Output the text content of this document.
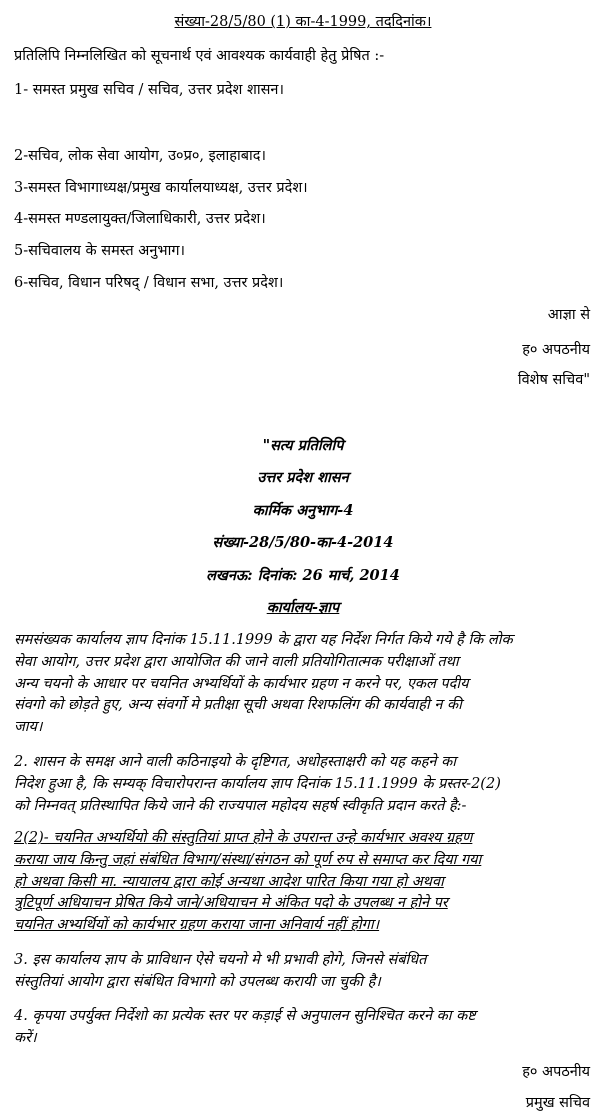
संख्या-28/5/80 (1) का-4-1999, तददिनांक।
प्रतिलिपि निम्नलिखित को सूचनार्थ एवं आवश्यक कार्यवाही हेतु प्रेषित :-
1- समस्त प्रमुख सचिव / सचिव, उत्तर प्रदेश शासन।
2-सचिव, लोक सेवा आयोग, उ०प्र०, इलाहाबाद।
3-समस्त विभागाध्यक्ष/प्रमुख कार्यालयाध्यक्ष, उत्तर प्रदेश।
4-समस्त मण्डलायुक्त/जिलाधिकारी, उत्तर प्रदेश।
5-सचिवालय के समस्त अनुभाग।
6-सचिव, विधान परिषद् / विधान सभा, उत्तर प्रदेश।
आज्ञा से
ह० अपठनीय
विशेष सचिव"
"सत्य प्रतिलिपि
उत्तर प्रदेश शासन
कार्मिक अनुभाग-4
संख्या-28/5/80-का-4-2014
लखनऊ: दिनांक: 26 मार्च, 2014
कार्यालय-ज्ञाप
समसंख्यक कार्यालय ज्ञाप दिनांक 15.11.1999 के द्वारा यह निर्देश निर्गत किये गये है कि लोक
सेवा आयोग, उत्तर प्रदेश द्वारा आयोजित की जाने वाली प्रतियोगितात्मक परीक्षाओं तथा
अन्य चयनो के आधार पर चयनित अभ्यर्थियों के कार्यभार ग्रहण न करने पर, एकल पदीय
संवगो को छोड़ते हुए, अन्य संवर्गो मे प्रतीक्षा सूची अथवा रिशफलिंग की कार्यवाही न की
जाय।
2. शासन के समक्ष आने वाली कठिनाइयो के दृष्टिगत, अधोहस्ताक्षरी को यह कहने का
निदेश हुआ है, कि सम्यक् विचारोपरान्त कार्यालय ज्ञाप दिनांक 15.11.1999 के प्रस्तर-2(2)
को निम्नवत् प्रतिस्थापित किये जाने की राज्यपाल महोदय सहर्ष स्वीकृति प्रदान करते है:-
2(2)- चयनित अभ्यर्थियो की संस्तुतियां प्राप्त होने के उपरान्त उन्हे कार्यभार अवश्य ग्रहण
कराया जाय किन्तु जहां संबंधित विभाग/संस्था/संगठन को पूर्ण रुप से समाप्त कर दिया गया
हो अथवा किसी मा. न्यायालय द्वारा कोई अन्यथा आदेश पारित किया गया हो अथवा
त्रुटिपूर्ण अधियाचन प्रेषित किये जाने/अधियाचन मे अंकित पदो के उपलब्ध न होने पर
चयनित अभ्यर्थियों को कार्यभार ग्रहण कराया जाना अनिवार्य नहीं होगा।
3. इस कार्यालय ज्ञाप के प्राविधान ऐसे चयनो मे भी प्रभावी होगे, जिनसे संबंधित
संस्तुतियां आयोग द्वारा संबंधित विभागो को उपलब्ध करायी जा चुकी है।
4. कृपया उपर्युक्त निर्देशो का प्रत्येक स्तर पर कड़ाई से अनुपालन सुनिश्चित करने का कष्ट
करें।
ह० अपठनीय
प्रमुख सचिव
